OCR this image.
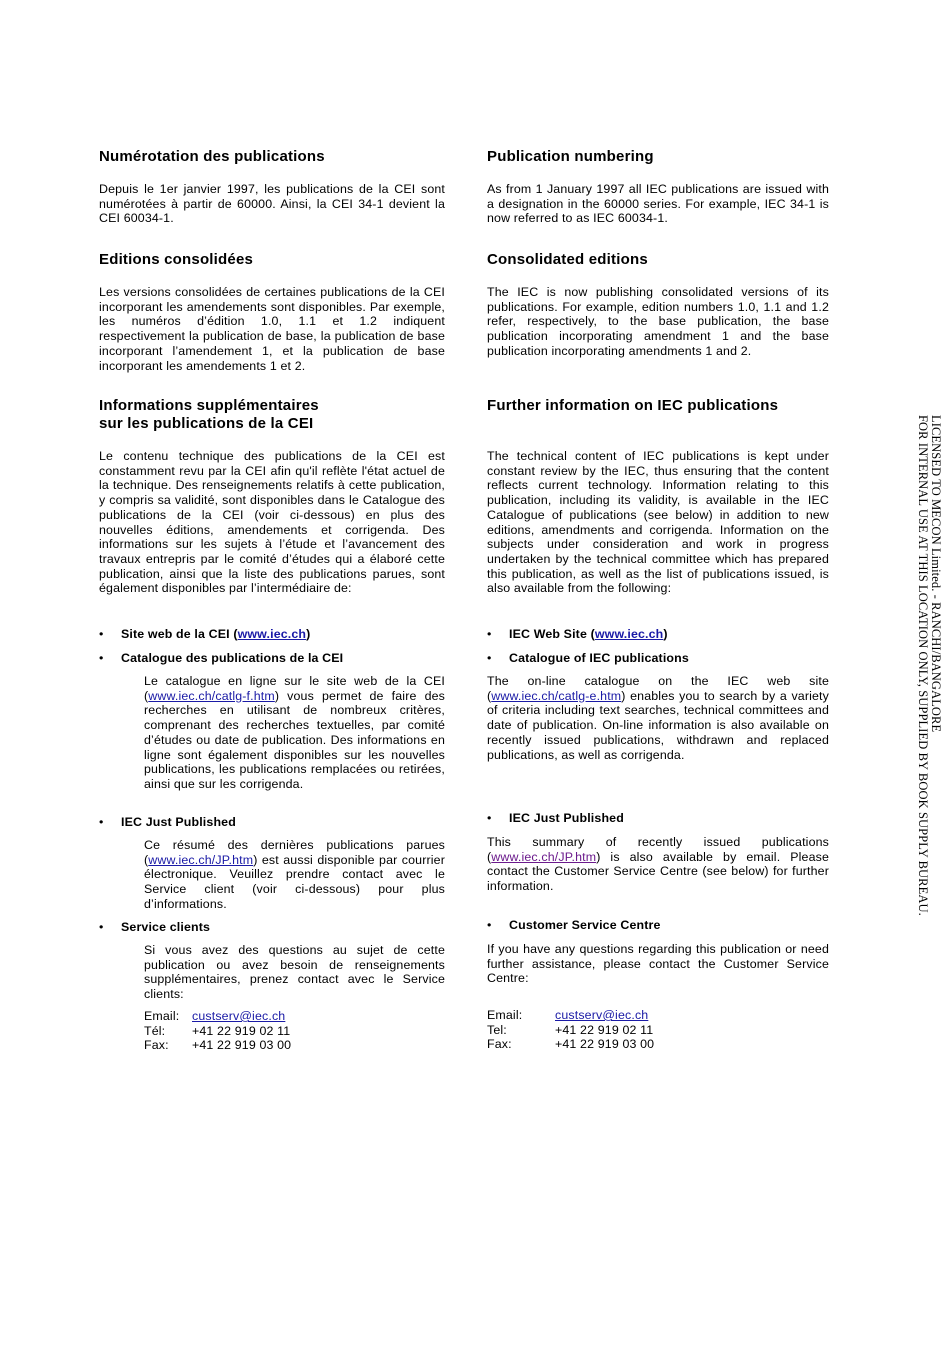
Numérotation des publications

Depuis le 1er janvier 1997, les publications de la CEI sont numérotées à partir de 60000. Ainsi, la CEI 34-1 devient la CEI 60034-1.

Editions consolidées

Les versions consolidées de certaines publications de la CEI incorporant les amendements sont disponibles. Par exemple, les numéros d’édition 1.0, 1.1 et 1.2 indiquent respectivement la publication de base, la publication de base incorporant l’amendement 1, et la publication de base incorporant les amendements 1 et 2.

Informations supplémentaires
sur les publications de la CEI

Le contenu technique des publications de la CEI est constamment revu par la CEI afin qu'il reflète l'état actuel de la technique. Des renseignements relatifs à cette publication, y compris sa validité, sont disponibles dans le Catalogue des publications de la CEI (voir ci-dessous) en plus des nouvelles éditions, amendements et corrigenda. Des informations sur les sujets à l’étude et l’avancement des travaux entrepris par le comité d’études qui a élaboré cette publication, ainsi que la liste des publications parues, sont également disponibles par l’intermédiaire de:

• Site web de la CEI (www.iec.ch)
• Catalogue des publications de la CEI

Le catalogue en ligne sur le site web de la CEI (www.iec.ch/catlg-f.htm) vous permet de faire des recherches en utilisant de nombreux critères, comprenant des recherches textuelles, par comité d’études ou date de publication. Des informations en ligne sont également disponibles sur les nouvelles publications, les publications remplacées ou retirées, ainsi que sur les corrigenda.

• IEC Just Published

Ce résumé des dernières publications parues (www.iec.ch/JP.htm) est aussi disponible par courrier électronique. Veuillez prendre contact avec le Service client (voir ci-dessous) pour plus d’informations.

• Service clients

Si vous avez des questions au sujet de cette publication ou avez besoin de renseignements supplémentaires, prenez contact avec le Service clients:

Email:	custserv@iec.ch
Tél:	+41 22 919 02 11
Fax:	+41 22 919 03 00
Publication numbering

As from 1 January 1997 all IEC publications are issued with a designation in the 60000 series. For example, IEC 34-1 is now referred to as IEC 60034-1.

Consolidated editions

The IEC is now publishing consolidated versions of its publications. For example, edition numbers 1.0, 1.1 and 1.2 refer, respectively, to the base publication, the base publication incorporating amendment 1 and the base publication incorporating amendments 1 and 2.

Further information on IEC publications

The technical content of IEC publications is kept under constant review by the IEC, thus ensuring that the content reflects current technology. Information relating to this publication, including its validity, is available in the IEC Catalogue of publications (see below) in addition to new editions, amendments and corrigenda. Information on the subjects under consideration and work in progress undertaken by the technical committee which has prepared this publication, as well as the list of publications issued, is also available from the following:

• IEC Web Site (www.iec.ch)
• Catalogue of IEC publications

The on-line catalogue on the IEC web site (www.iec.ch/catlg-e.htm) enables you to search by a variety of criteria including text searches, technical committees and date of publication. On-line information is also available on recently issued publications, withdrawn and replaced publications, as well as corrigenda.

• IEC Just Published

This summary of recently issued publications (www.iec.ch/JP.htm) is also available by email. Please contact the Customer Service Centre (see below) for further information.

• Customer Service Centre

If you have any questions regarding this publication or need further assistance, please contact the Customer Service Centre:

Email:	custserv@iec.ch
Tel:	+41 22 919 02 11
Fax:	+41 22 919 03 00
LICENSED TO MECON Limited. - RANCHI/BANGALORE
FOR INTERNAL USE AT THIS LOCATION ONLY, SUPPLIED BY BOOK SUPPLY BUREAU.
